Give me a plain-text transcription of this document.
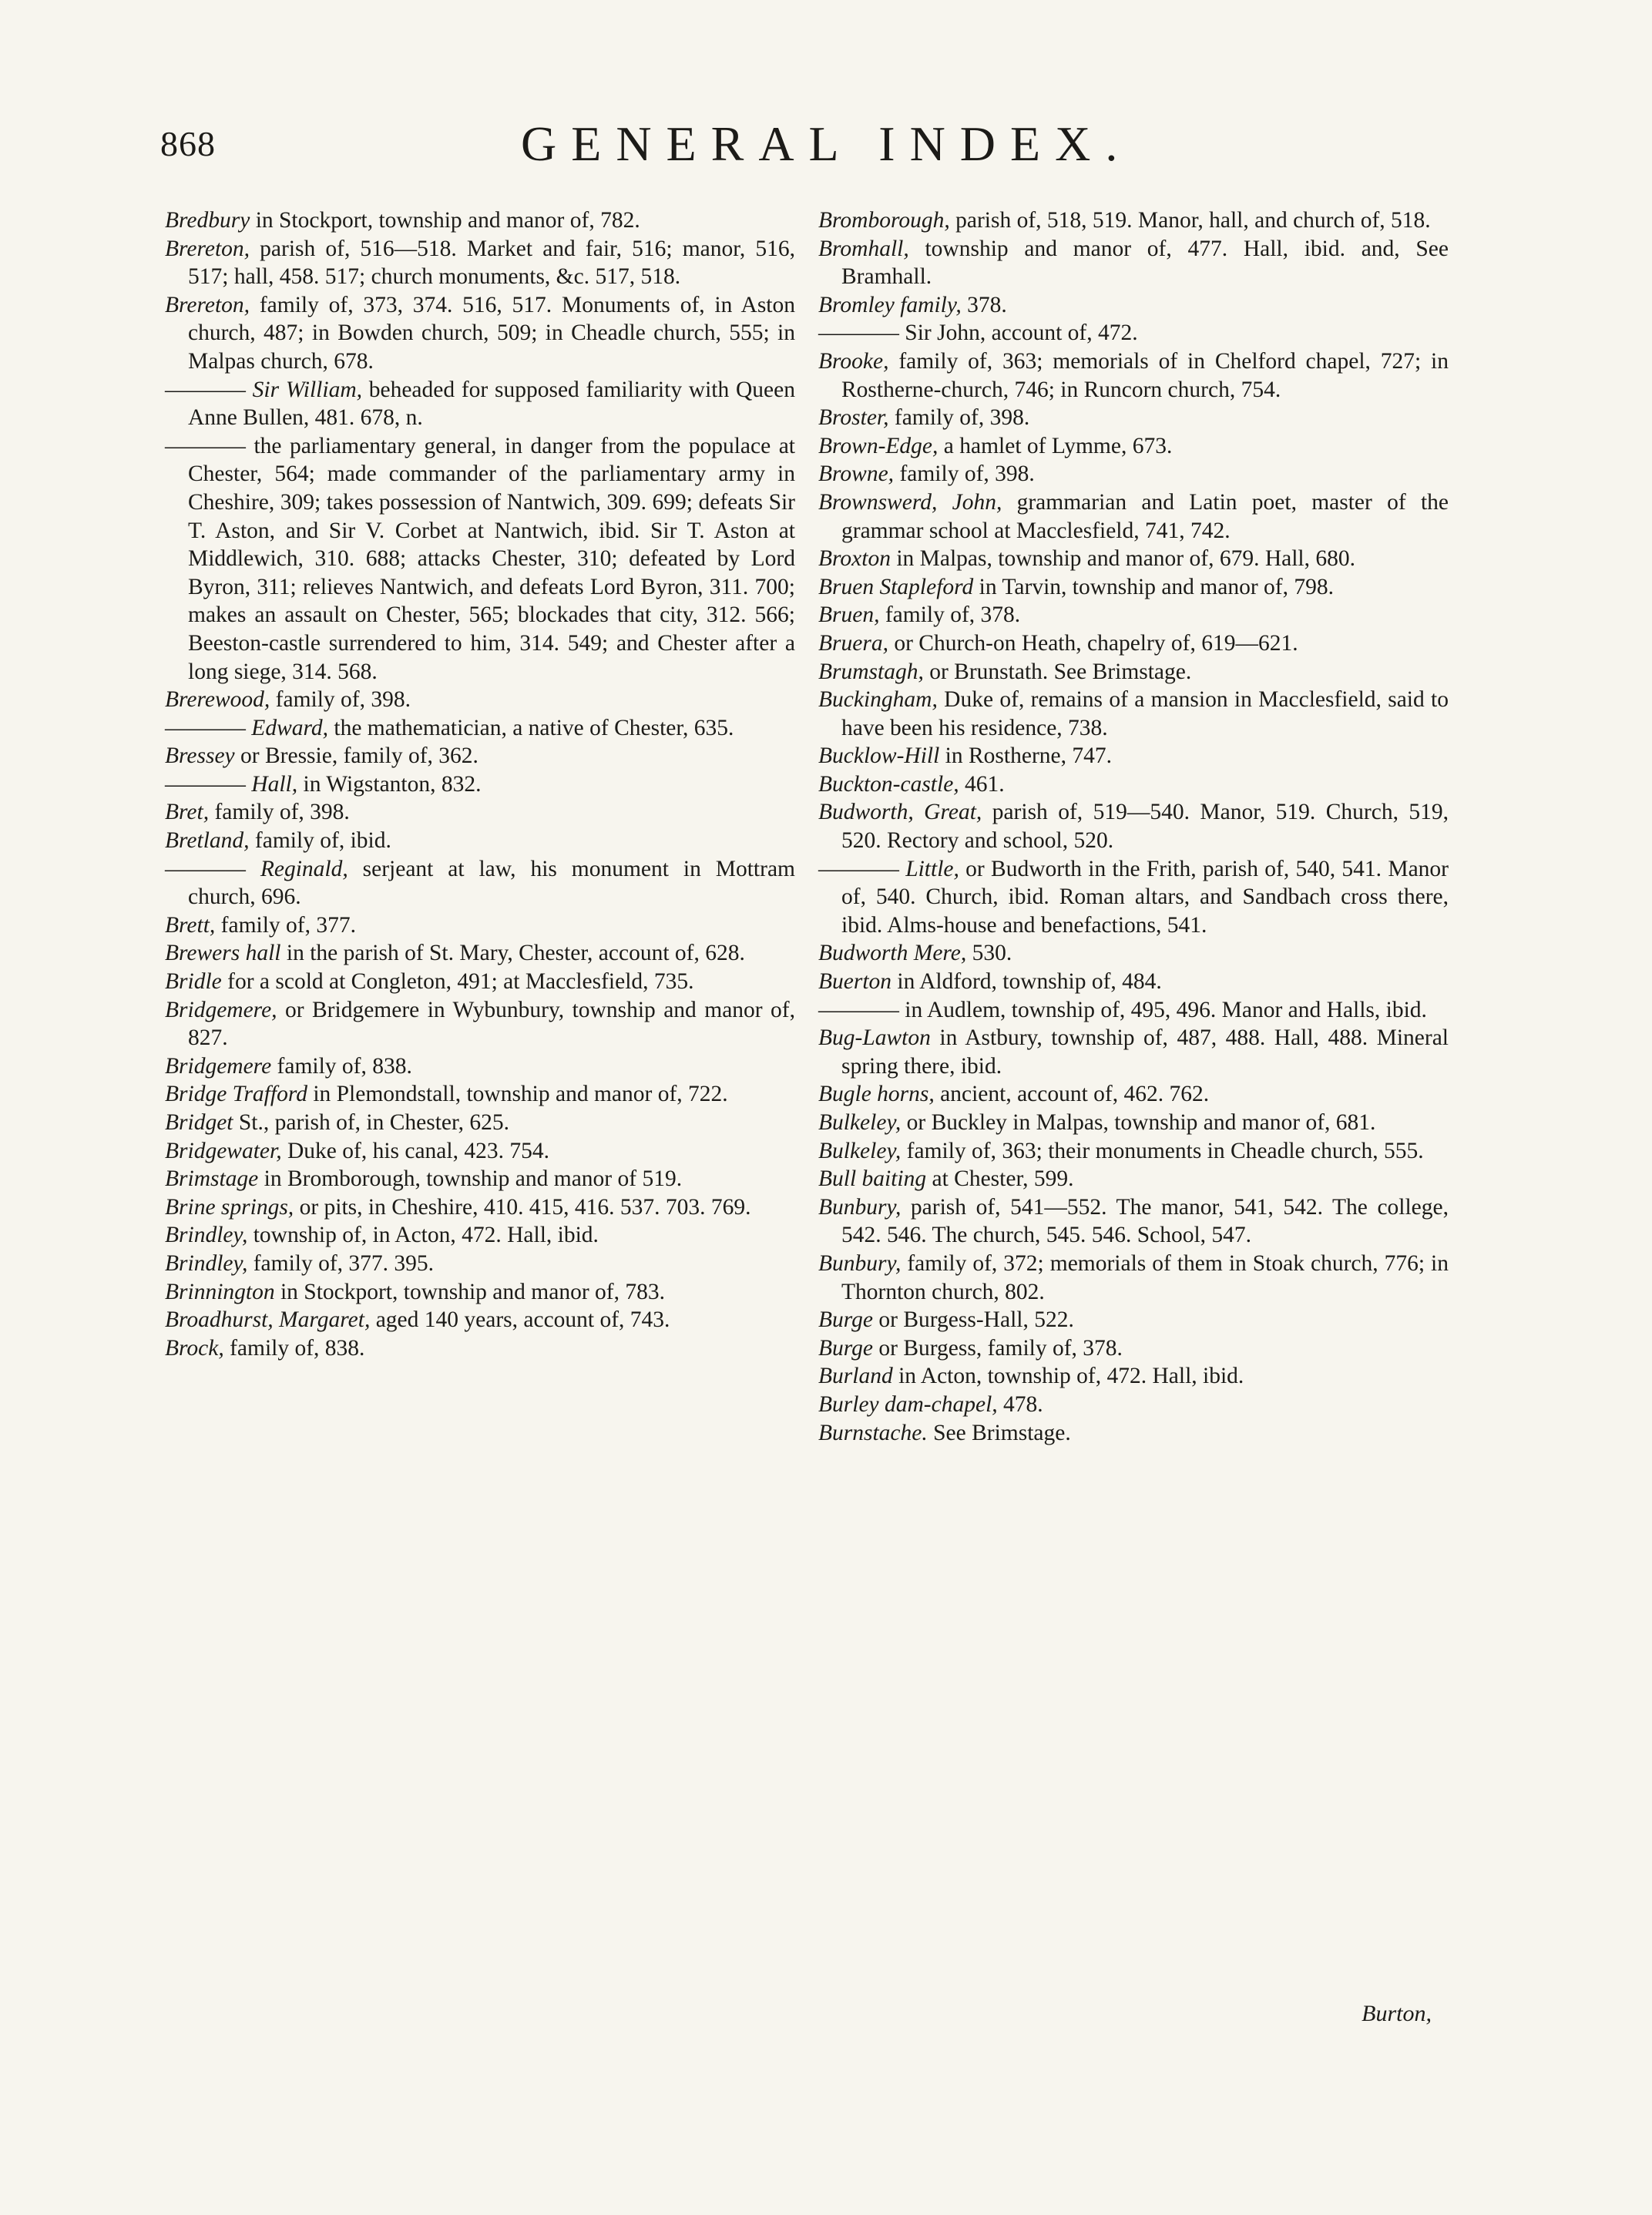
868	GENERAL INDEX.

Bredbury in Stockport, township and manor of, 782.

Brereton, parish of, 516—518. Market and fair, 516; manor, 516, 517; hall, 458. 517; church monuments, &c. 517, 518.

Brereton, family of, 373, 374. 516, 517. Monuments of, in Aston church, 487; in Bowden church, 509; in Cheadle church, 555; in Malpas church, 678.

———— Sir William, beheaded for supposed familiarity with Queen Anne Bullen, 481. 678, n.

———— the parliamentary general, in danger from the populace at Chester, 564; made commander of the parliamentary army in Cheshire, 309; takes possession of Nantwich, 309. 699; defeats Sir T. Aston, and Sir V. Corbet at Nantwich, ibid. Sir T. Aston at Middlewich, 310. 688; attacks Chester, 310; defeated by Lord Byron, 311; relieves Nantwich, and defeats Lord Byron, 311. 700; makes an assault on Chester, 565; blockades that city, 312. 566; Beeston-castle surrendered to him, 314. 549; and Chester after a long siege, 314. 568.

Brerewood, family of, 398.

———— Edward, the mathematician, a native of Chester, 635.

Bressey or Bressie, family of, 362.

———— Hall, in Wigstanton, 832.

Bret, family of, 398.

Bretland, family of, ibid.

———— Reginald, serjeant at law, his monument in Mottram church, 696.

Brett, family of, 377.

Brewers hall in the parish of St. Mary, Chester, account of, 628.

Bridle for a scold at Congleton, 491; at Macclesfield, 735.

Bridgemere, or Bridgemere in Wybunbury, township and manor of, 827.

Bridgemere family of, 838.

Bridge Trafford in Plemondstall, township and manor of, 722.

Bridget St., parish of, in Chester, 625.

Bridgewater, Duke of, his canal, 423. 754.

Brimstage in Bromborough, township and manor of 519.

Brine springs, or pits, in Cheshire, 410. 415, 416. 537. 703. 769.

Brindley, township of, in Acton, 472. Hall, ibid.

Brindley, family of, 377. 395.

Brinnington in Stockport, township and manor of, 783.

Broadhurst, Margaret, aged 140 years, account of, 743.

Brock, family of, 838.

Bromborough, parish of, 518, 519. Manor, hall, and church of, 518.

Bromhall, township and manor of, 477. Hall, ibid. and, See Bramhall.

Bromley family, 378.

———— Sir John, account of, 472.

Brooke, family of, 363; memorials of in Chelford chapel, 727; in Rostherne-church, 746; in Runcorn church, 754.

Broster, family of, 398.

Brown-Edge, a hamlet of Lymme, 673.

Browne, family of, 398.

Brownswerd, John, grammarian and Latin poet, master of the grammar school at Macclesfield, 741, 742.

Broxton in Malpas, township and manor of, 679. Hall, 680.

Bruen Stapleford in Tarvin, township and manor of, 798.

Bruen, family of, 378.

Bruera, or Church-on Heath, chapelry of, 619—621.

Brumstagh, or Brunstath. See Brimstage.

Buckingham, Duke of, remains of a mansion in Macclesfield, said to have been his residence, 738.

Bucklow-Hill in Rostherne, 747.

Buckton-castle, 461.

Budworth, Great, parish of, 519—540. Manor, 519. Church, 519, 520. Rectory and school, 520.

———— Little, or Budworth in the Frith, parish of, 540, 541. Manor of, 540. Church, ibid. Roman altars, and Sandbach cross there, ibid. Alms-house and benefactions, 541.

Budworth Mere, 530.

Buerton in Aldford, township of, 484.

———— in Audlem, township of, 495, 496. Manor and Halls, ibid.

Bug-Lawton in Astbury, township of, 487, 488. Hall, 488. Mineral spring there, ibid.

Bugle horns, ancient, account of, 462. 762.

Bulkeley, or Buckley in Malpas, township and manor of, 681.

Bulkeley, family of, 363; their monuments in Cheadle church, 555.

Bull baiting at Chester, 599.

Bunbury, parish of, 541—552. The manor, 541, 542. The college, 542. 546. The church, 545. 546. School, 547.

Bunbury, family of, 372; memorials of them in Stoak church, 776; in Thornton church, 802.

Burge or Burgess-Hall, 522.

Burge or Burgess, family of, 378.

Burland in Acton, township of, 472. Hall, ibid.

Burley dam-chapel, 478.

Burnstache. See Brimstage.

Burton,
